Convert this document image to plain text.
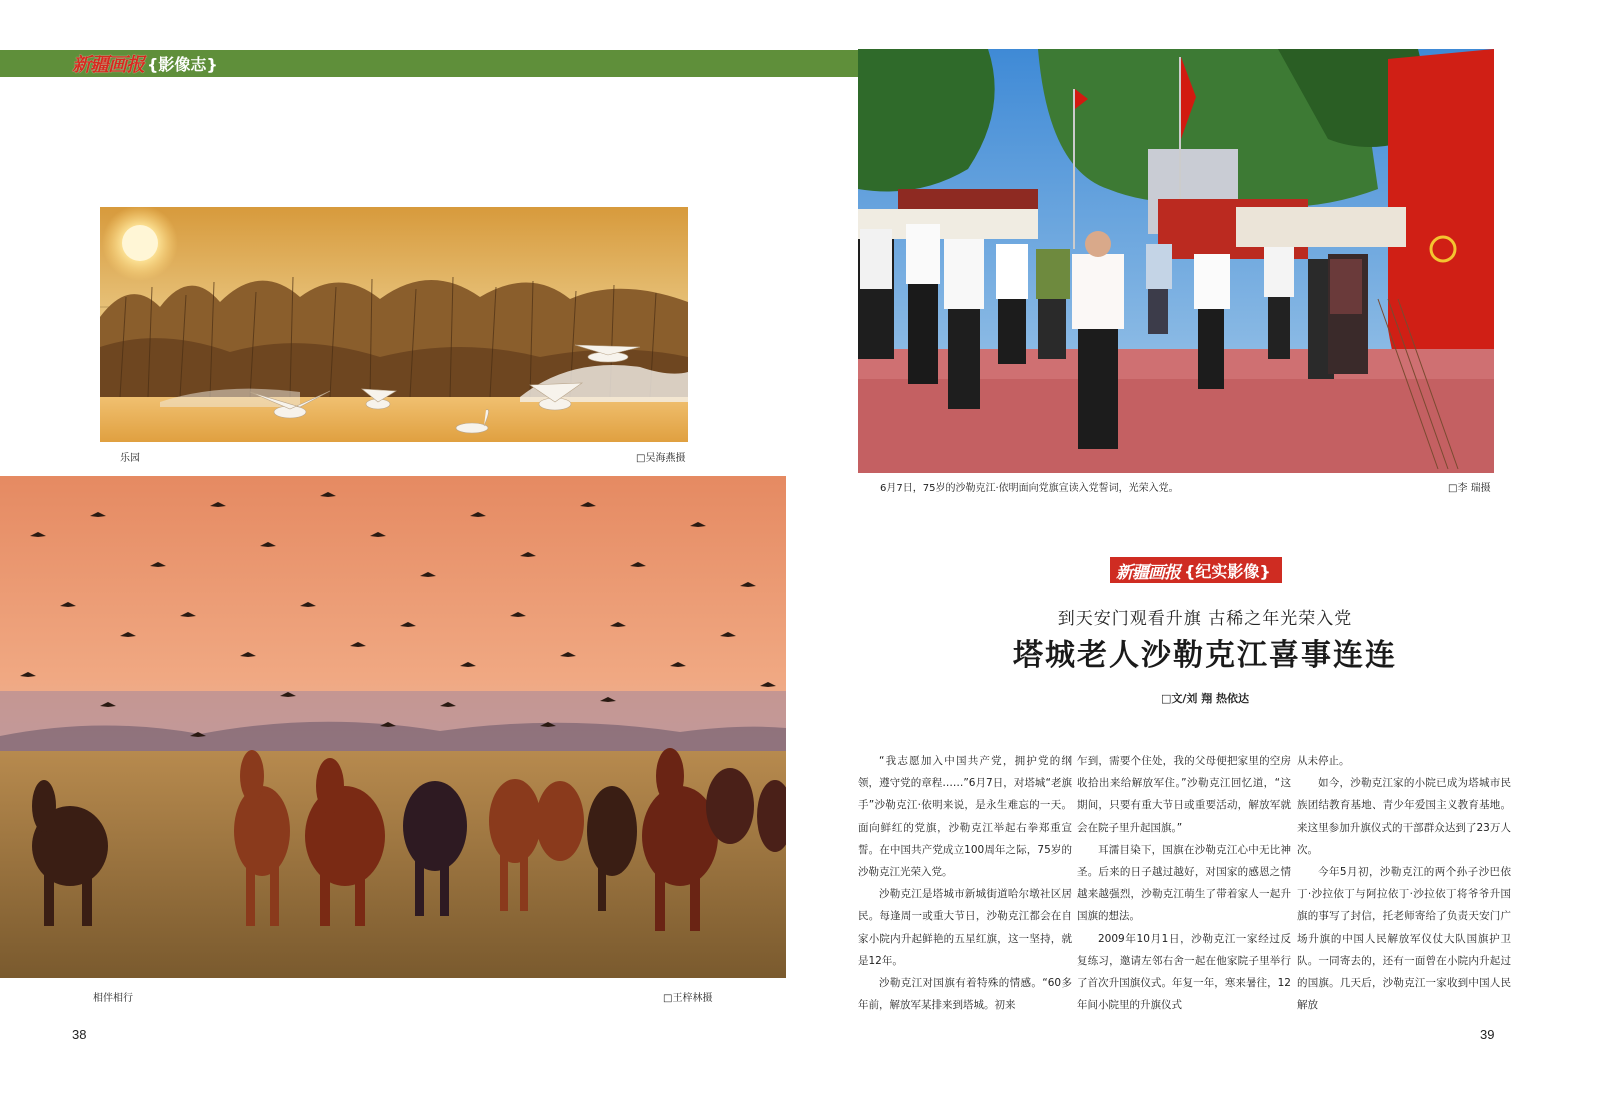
新疆画报 {影像志}
乐园	□吴海燕摄
相伴相行	□王梓林摄
38
6月7日，75岁的沙勒克江·依明面向党旗宣读入党誓词，光荣入党。	□李 瑞摄
新疆画报 {纪实影像}
到天安门观看升旗 古稀之年光荣入党
塔城老人沙勒克江喜事连连
□文/刘 翔 热依达

“我志愿加入中国共产党，拥护党的纲领，遵守党的章程……”6月7日，对塔城“老旗手”沙勒克江·依明来说，是永生难忘的一天。面向鲜红的党旗，沙勒克江举起右拳郑重宣誓。在中国共产党成立100周年之际，75岁的沙勒克江光荣入党。

沙勒克江是塔城市新城街道哈尔墩社区居民。每逢周一或重大节日，沙勒克江都会在自家小院内升起鲜艳的五星红旗，这一坚持，就是12年。

沙勒克江对国旗有着特殊的情感。“60多年前，解放军某排来到塔城。初来

乍到，需要个住处，我的父母便把家里的空房收拾出来给解放军住。”沙勒克江回忆道，“这期间，只要有重大节日或重要活动，解放军就会在院子里升起国旗。”

耳濡目染下，国旗在沙勒克江心中无比神圣。后来的日子越过越好，对国家的感恩之情越来越强烈，沙勒克江萌生了带着家人一起升国旗的想法。

2009年10月1日，沙勒克江一家经过反复练习，邀请左邻右舍一起在他家院子里举行了首次升国旗仪式。年复一年，寒来暑往，12年间小院里的升旗仪式

从未停止。

如今，沙勒克江家的小院已成为塔城市民族团结教育基地、青少年爱国主义教育基地。来这里参加升旗仪式的干部群众达到了23万人次。

今年5月初，沙勒克江的两个孙子沙巴依丁·沙拉依丁与阿拉依丁·沙拉依丁将爷爷升国旗的事写了封信，托老师寄给了负责天安门广场升旗的中国人民解放军仪仗大队国旗护卫队。一同寄去的，还有一面曾在小院内升起过的国旗。几天后，沙勒克江一家收到中国人民解放

39
